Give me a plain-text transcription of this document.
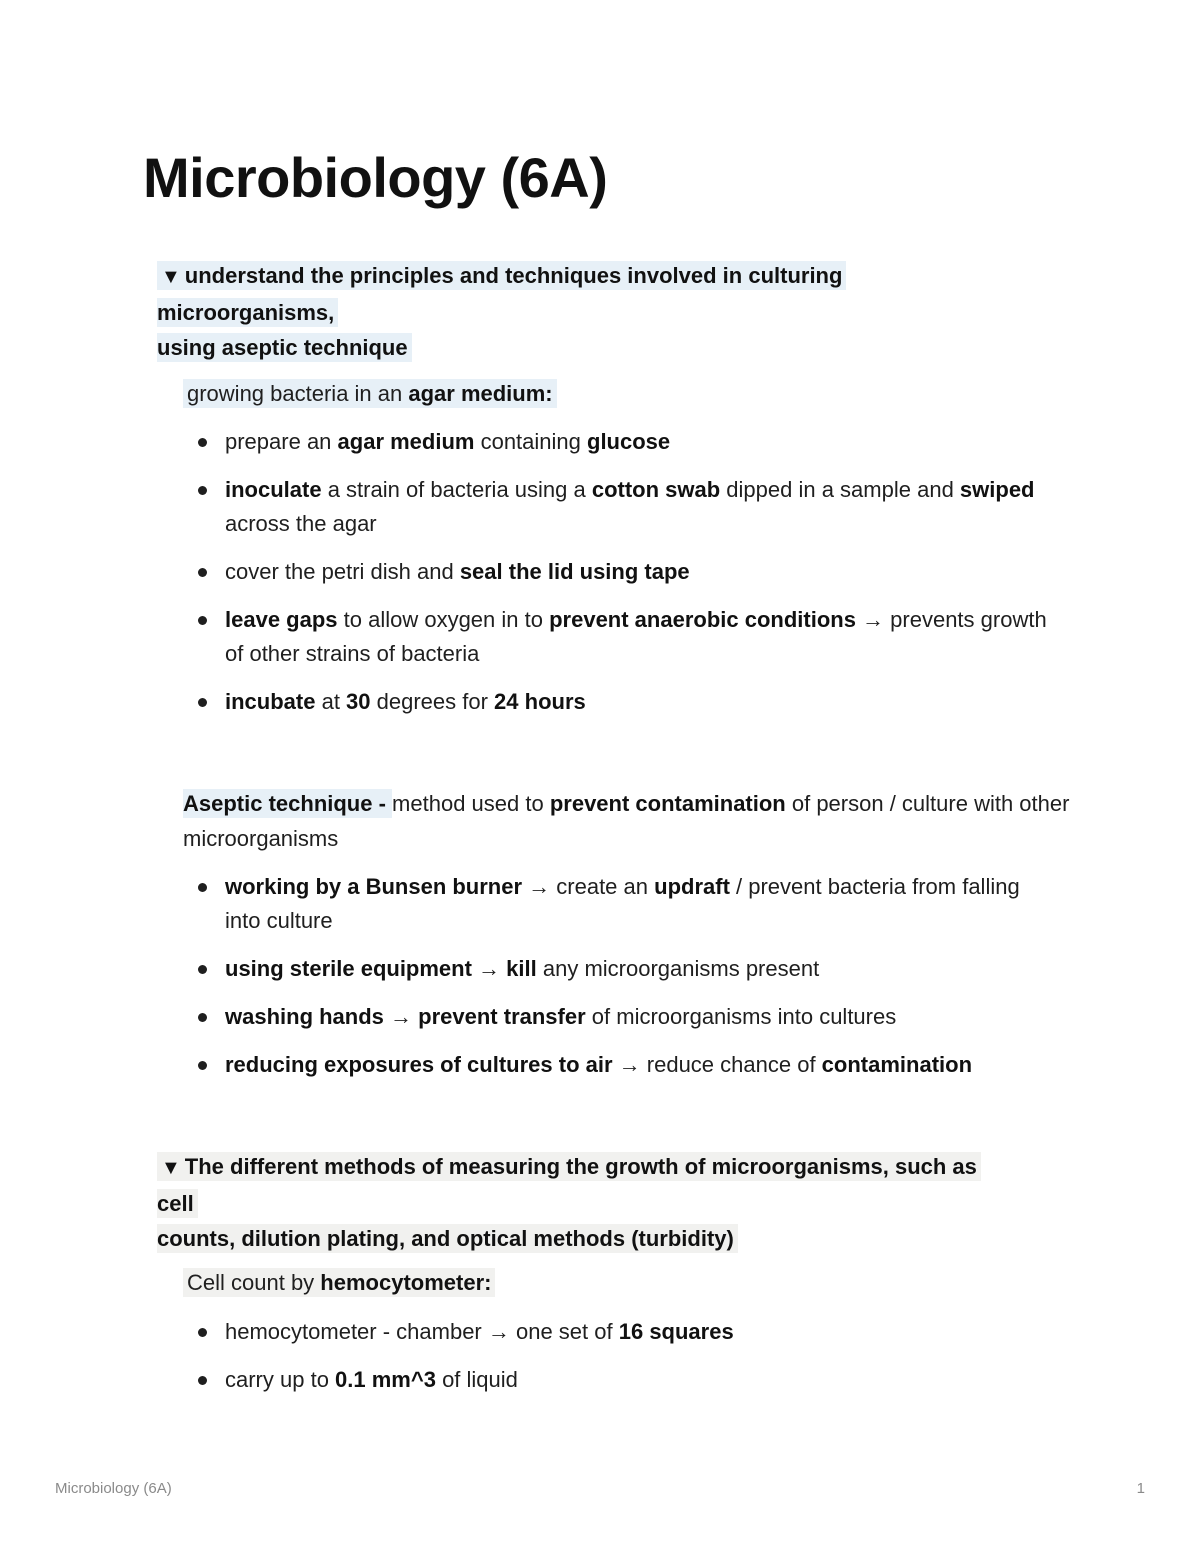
Microbiology (6A)
▼ understand the principles and techniques involved in culturing
microorganisms,
using aseptic technique
growing bacteria in an agar medium:
prepare an agar medium containing glucose
inoculate a strain of bacteria using a cotton swab dipped in a sample and swiped across the agar
cover the petri dish and seal the lid using tape
leave gaps to allow oxygen in to prevent anaerobic conditions → prevents growth of other strains of bacteria
incubate at 30 degrees for 24 hours
Aseptic technique - method used to prevent contamination of person / culture with other microorganisms
working by a Bunsen burner → create an updraft / prevent bacteria from falling into culture
using sterile equipment → kill any microorganisms present
washing hands → prevent transfer of microorganisms into cultures
reducing exposures of cultures to air → reduce chance of contamination
▼ The different methods of measuring the growth of microorganisms, such as
cell
counts, dilution plating, and optical methods (turbidity)
Cell count by hemocytometer:
hemocytometer - chamber → one set of 16 squares
carry up to 0.1 mm^3 of liquid
Microbiology (6A)	1
